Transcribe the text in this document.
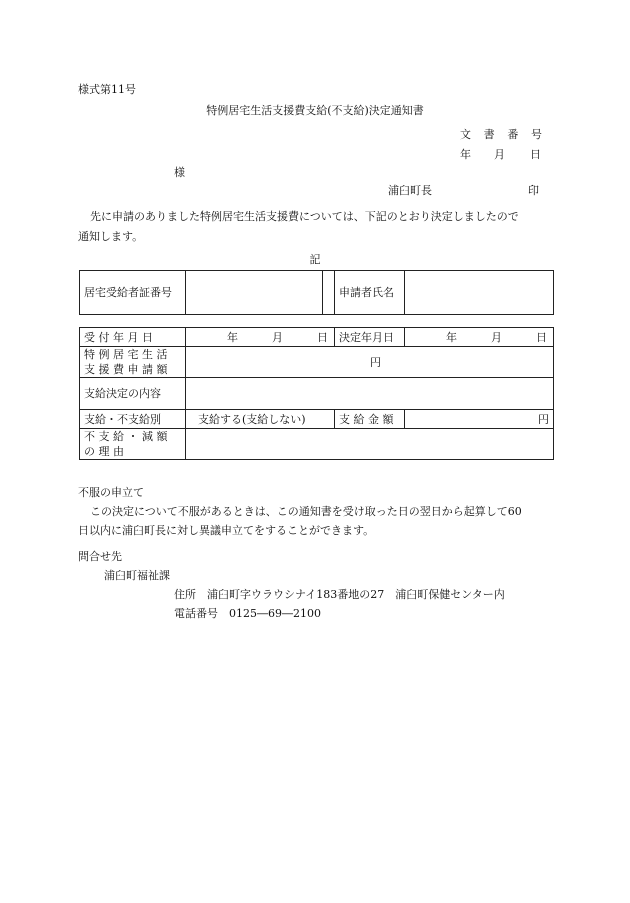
様式第11号
特例居宅生活支援費支給(不支給)決定通知書
文 書 番 号
年 月 日
様
浦臼町長	印
先に申請のありました特例居宅生活支援費については、下記のとおり決定しましたので
通知します。
記
居宅受給者証番号			申請者氏名	
受 付 年 月 日	年 月 日	決定年月日	年 月 日

特 例 居 宅 生 活
支 援 費 申 請 額	円		
支給決定の内容			
支給・不支給別	支給する(支給しない)	支 給 金 額	円

不 支 給 ・ 減 額
の 理 由			

不服の申立て
この決定について不服があるときは、この通知書を受け取った日の翌日から起算して60
日以内に浦臼町長に対し異議申立てをすることができます。
問合せ先
浦臼町福祉課
住所　浦臼町字ウラウシナイ183番地の27　浦臼町保健センター内
電話番号　0125―69―2100
